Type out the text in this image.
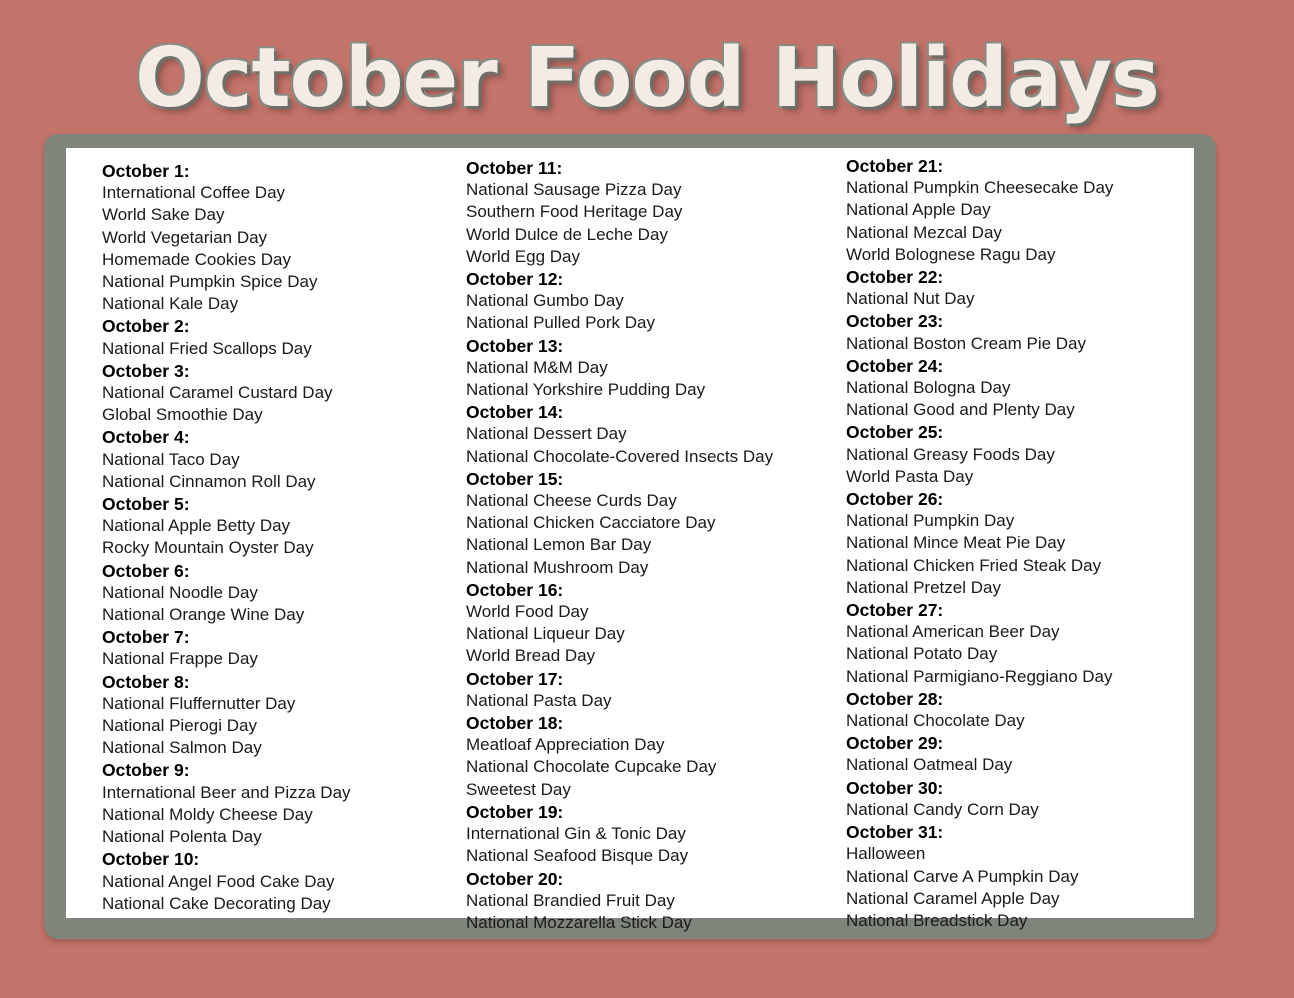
October Food Holidays
October 1:
International Coffee Day
World Sake Day
World Vegetarian Day
Homemade Cookies Day
National Pumpkin Spice Day
National Kale Day
October 2:
National Fried Scallops Day
October 3:
National Caramel Custard Day
Global Smoothie Day
October 4:
National Taco Day
National Cinnamon Roll Day
October 5:
National Apple Betty Day
Rocky Mountain Oyster Day
October 6:
National Noodle Day
National Orange Wine Day
October 7:
National Frappe Day
October 8:
National Fluffernutter Day
National Pierogi Day
National Salmon Day
October 9:
International Beer and Pizza Day
National Moldy Cheese Day
National Polenta Day
October 10:
National Angel Food Cake Day
National Cake Decorating Day
October 11:
National Sausage Pizza Day
Southern Food Heritage Day
World Dulce de Leche Day
World Egg Day
October 12:
National Gumbo Day
National Pulled Pork Day
October 13:
National M&M Day
National Yorkshire Pudding Day
October 14:
National Dessert Day
National Chocolate-Covered Insects Day
October 15:
National Cheese Curds Day
National Chicken Cacciatore Day
National Lemon Bar Day
National Mushroom Day
October 16:
World Food Day
National Liqueur Day
World Bread Day
October 17:
National Pasta Day
October 18:
Meatloaf Appreciation Day
National Chocolate Cupcake Day
Sweetest Day
October 19:
International Gin & Tonic Day
National Seafood Bisque Day
October 20:
National Brandied Fruit Day
National Mozzarella Stick Day
October 21:
National Pumpkin Cheesecake Day
National Apple Day
National Mezcal Day
World Bolognese Ragu Day
October 22:
National Nut Day
October 23:
National Boston Cream Pie Day
October 24:
National Bologna Day
National Good and Plenty Day
October 25:
National Greasy Foods Day
World Pasta Day
October 26:
National Pumpkin Day
National Mince Meat Pie Day
National Chicken Fried Steak Day
National Pretzel Day
October 27:
National American Beer Day
National Potato Day
National Parmigiano-Reggiano Day
October 28:
National Chocolate Day
October 29:
National Oatmeal Day
October 30:
National Candy Corn Day
October 31:
Halloween
National Carve A Pumpkin Day
National Caramel Apple Day
National Breadstick Day
